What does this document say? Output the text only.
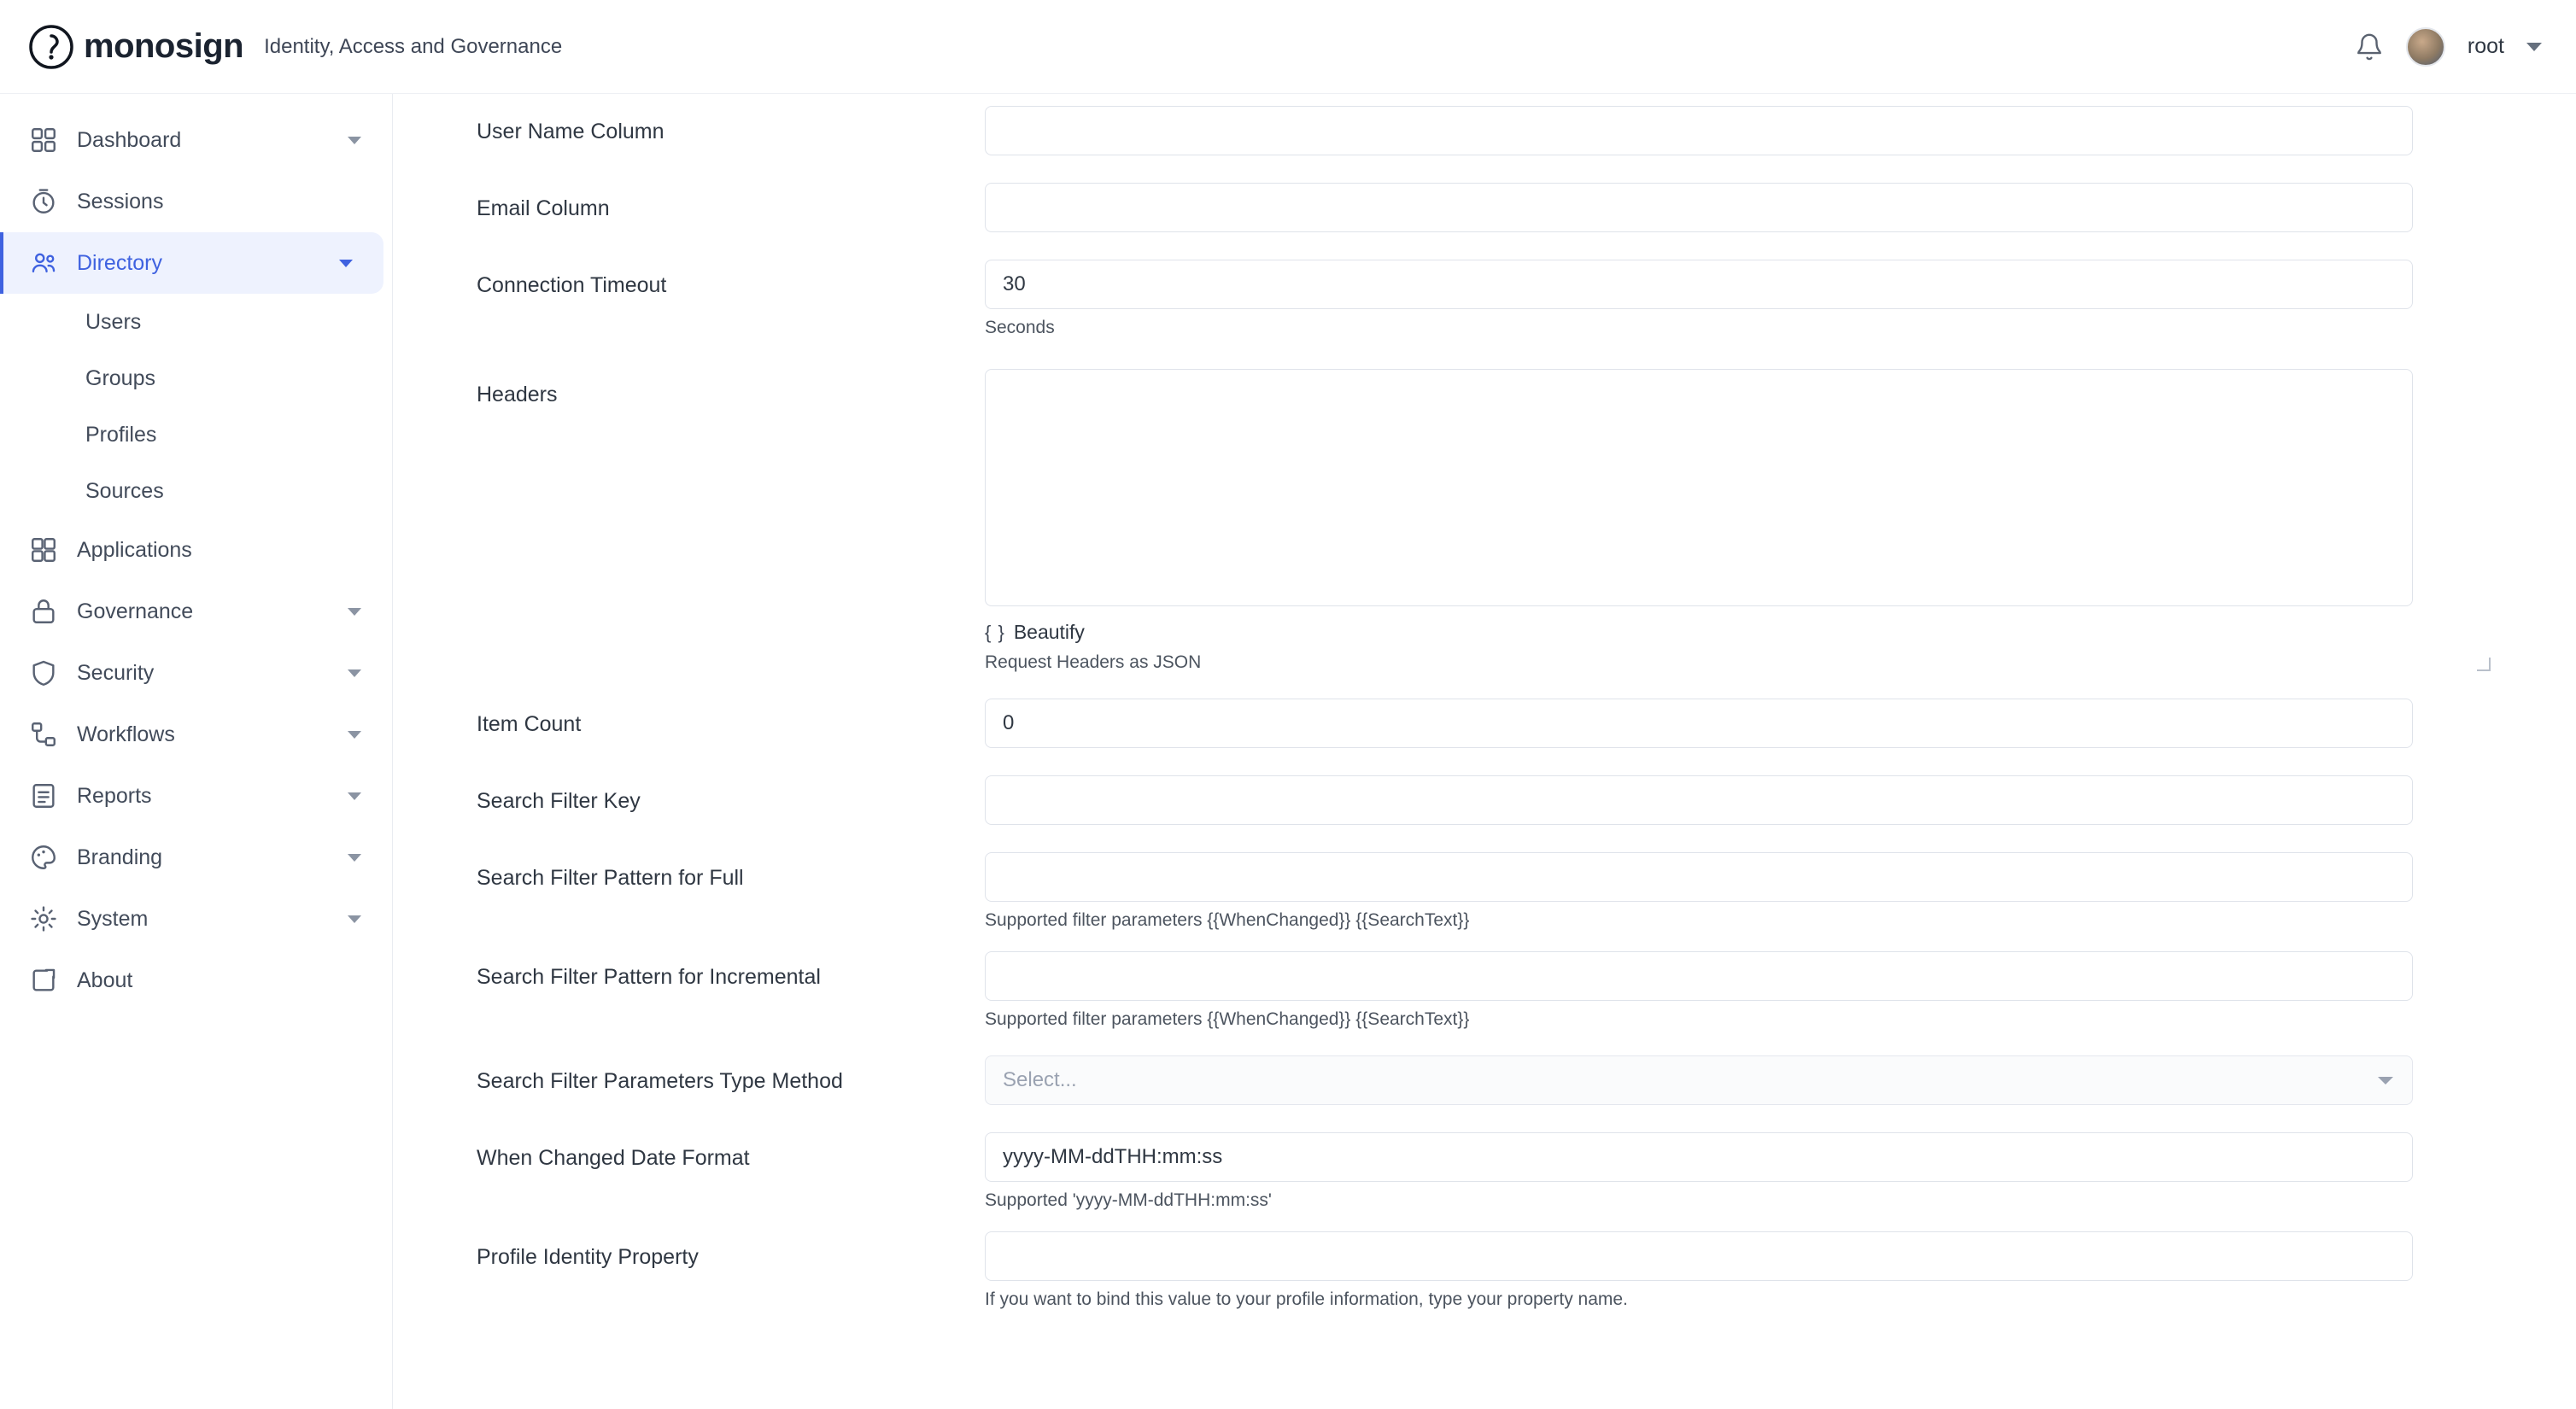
monosign Identity, Access and Governance	root
Dashboard
Sessions
Directory
Users
Groups
Profiles
Sources
Applications
Governance
Security
Workflows
Reports
Branding
System
About
User Name Column
Email Column
Connection Timeout
30
Seconds
Headers

{ } Beautify
Request Headers as JSON
Item Count
0
Search Filter Key
Search Filter Pattern for Full
Supported filter parameters {{WhenChanged}} {{SearchText}}
Search Filter Pattern for Incremental
Supported filter parameters {{WhenChanged}} {{SearchText}}
Search Filter Parameters Type Method	Select...
When Changed Date Format
yyyy-MM-ddTHH:mm:ss
Supported 'yyyy-MM-ddTHH:mm:ss'
Profile Identity Property
If you want to bind this value to your profile information, type your property name.
